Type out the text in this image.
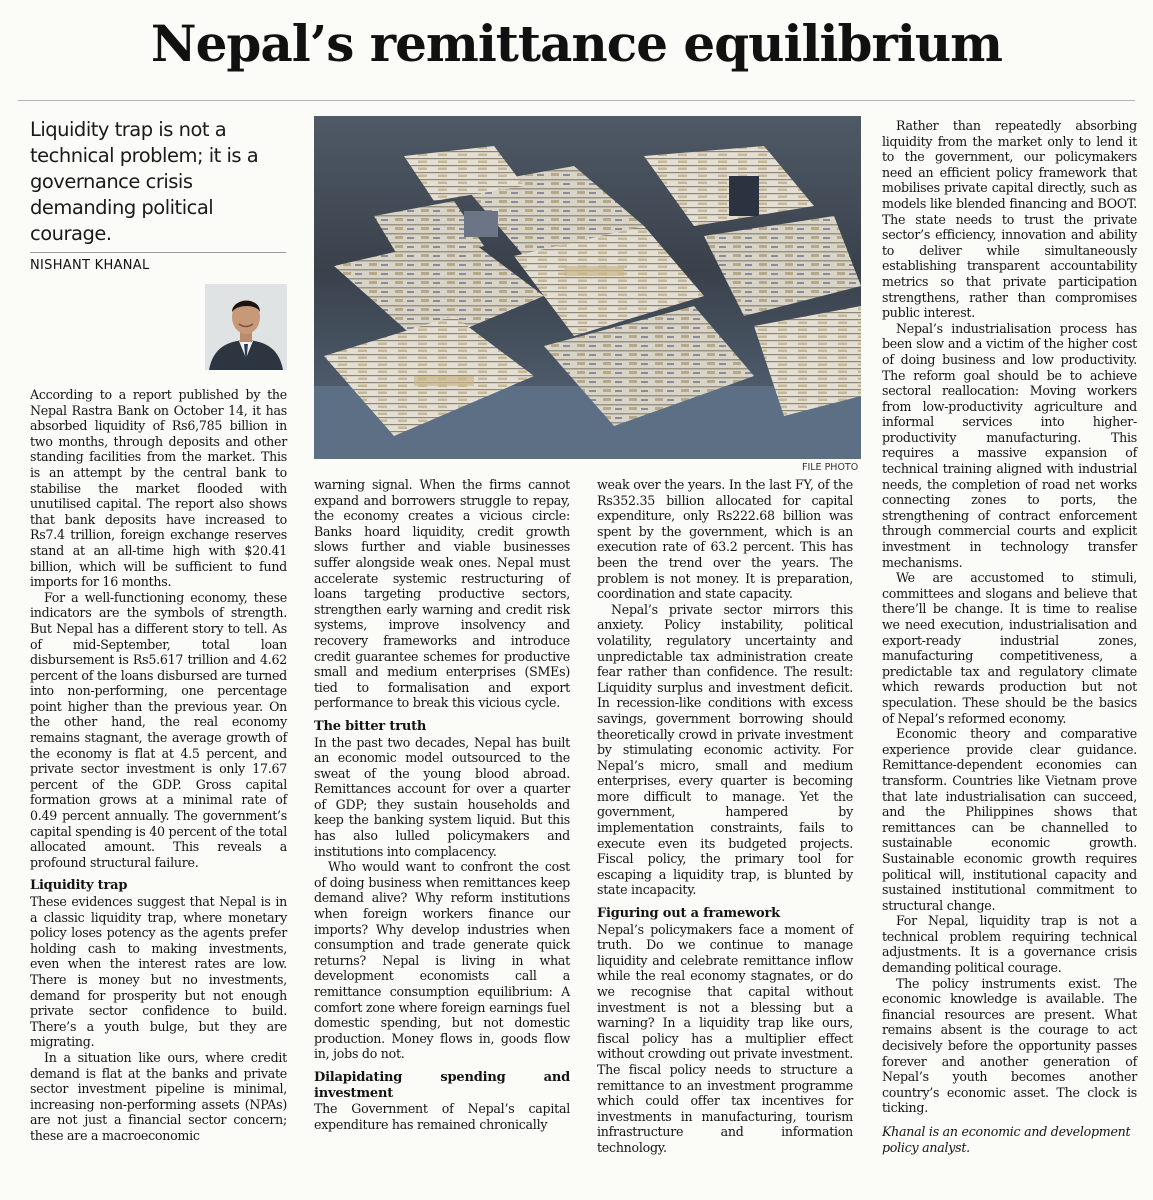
Nepal’s remittance equilibrium
Liquidity trap is not a technical problem; it is a governance crisis demanding political courage.
NISHANT KHANAL
FILE PHOTO

According to a report published by the Nepal Rastra Bank on October 14, it has absorbed liquidity of Rs6,785 billion in two months, through deposits and other standing facilities from the market. This is an attempt by the central bank to stabilise the market flooded with unutilised capital. The report also shows that bank deposits have increased to Rs7.4 trillion, foreign exchange reserves stand at an all-time high with $20.41 billion, which will be sufficient to fund imports for 16 months.

For a well-functioning economy, these indicators are the symbols of strength. But Nepal has a different story to tell. As of mid-September, total loan disbursement is Rs5.617 trillion and 4.62 percent of the loans disbursed are turned into non-performing, one percentage point higher than the previous year. On the other hand, the real economy remains stagnant, the average growth of the economy is flat at 4.5 percent, and private sector investment is only 17.67 percent of the GDP. Gross capital formation grows at a minimal rate of 0.49 percent annually. The government’s capital spending is 40 percent of the total allocated amount. This reveals a profound structural failure.

Liquidity trap

These evidences suggest that Nepal is in a classic liquidity trap, where monetary policy loses potency as the agents prefer holding cash to making investments, even when the interest rates are low. There is money but no investments, demand for prosperity but not enough private sector confidence to build. There’s a youth bulge, but they are migrating.

In a situation like ours, where credit demand is flat at the banks and private sector investment pipeline is minimal, increasing non-performing assets (NPAs) are not just a financial sector concern; these are a macroeconomic

warning signal. When the firms cannot expand and borrowers struggle to repay, the economy creates a vicious circle: Banks hoard liquidity, credit growth slows further and viable businesses suffer alongside weak ones. Nepal must accelerate systemic restructuring of loans targeting productive sectors, strengthen early warning and credit risk systems, improve insolvency and recovery frameworks and introduce credit guarantee schemes for productive small and medium enterprises (SMEs) tied to formalisation and export performance to break this vicious cycle.

The bitter truth

In the past two decades, Nepal has built an economic model outsourced to the sweat of the young blood abroad. Remittances account for over a quarter of GDP; they sustain households and keep the banking system liquid. But this has also lulled policymakers and institutions into complacency.

Who would want to confront the cost of doing business when remittances keep demand alive? Why reform institutions when foreign workers finance our imports? Why develop industries when consumption and trade generate quick returns? Nepal is living in what development economists call a remittance consumption equilibrium: A comfort zone where foreign earnings fuel domestic spending, but not domestic production. Money flows in, goods flow in, jobs do not.

Dilapidating spending and investment

The Government of Nepal’s capital expenditure has remained chronically

weak over the years. In the last FY, of the Rs352.35 billion allocated for capital expenditure, only Rs222.68 billion was spent by the government, which is an execution rate of 63.2 percent. This has been the trend over the years. The problem is not money. It is preparation, coordination and state capacity.

Nepal’s private sector mirrors this anxiety. Policy instability, political volatility, regulatory uncertainty and unpredictable tax administration create fear rather than confidence. The result: Liquidity surplus and investment deficit. In recession-like conditions with excess savings, government borrowing should theoretically crowd in private investment by stimulating economic activity. For Nepal’s micro, small and medium enterprises, every quarter is becoming more difficult to manage. Yet the government, hampered by implementation constraints, fails to execute even its budgeted projects. Fiscal policy, the primary tool for escaping a liquidity trap, is blunted by state incapacity.

Figuring out a framework

Nepal’s policymakers face a moment of truth. Do we continue to manage liquidity and celebrate remittance inflow while the real economy stagnates, or do we recognise that capital without investment is not a blessing but a warning? In a liquidity trap like ours, fiscal policy has a multiplier effect without crowding out private investment. The fiscal policy needs to structure a remittance to an investment programme which could offer tax incentives for investments in manufacturing, tourism infrastructure and information technology.

Rather than repeatedly absorbing liquidity from the market only to lend it to the government, our policymakers need an efficient policy framework that mobilises private capital directly, such as models like blended financing and BOOT. The state needs to trust the private sector’s efficiency, innovation and ability to deliver while simultaneously establishing transparent accountability metrics so that private participation strengthens, rather than compromises public interest.

Nepal’s industrialisation process has been slow and a victim of the higher cost of doing business and low productivity. The reform goal should be to achieve sectoral reallocation: Moving workers from low-productivity agriculture and informal services into higher-productivity manufacturing. This requires a massive expansion of technical training aligned with industrial needs, the completion of road net works connecting zones to ports, the strengthening of contract enforcement through commercial courts and explicit investment in technology transfer mechanisms.

We are accustomed to stimuli, committees and slogans and believe that there’ll be change. It is time to realise we need execution, industrialisation and export-ready industrial zones, manufacturing competitiveness, a predictable tax and regulatory climate which rewards production but not speculation. These should be the basics of Nepal’s reformed economy.

Economic theory and comparative experience provide clear guidance. Remittance-dependent economies can transform. Countries like Vietnam prove that late industrialisation can succeed, and the Philippines shows that remittances can be channelled to sustainable economic growth. Sustainable economic growth requires political will, institutional capacity and sustained institutional commitment to structural change.

For Nepal, liquidity trap is not a technical problem requiring technical adjustments. It is a governance crisis demanding political courage.

The policy instruments exist. The economic knowledge is available. The financial resources are present. What remains absent is the courage to act decisively before the opportunity passes forever and another generation of Nepal’s youth becomes another country’s economic asset. The clock is ticking.

Khanal is an economic and development policy analyst.
